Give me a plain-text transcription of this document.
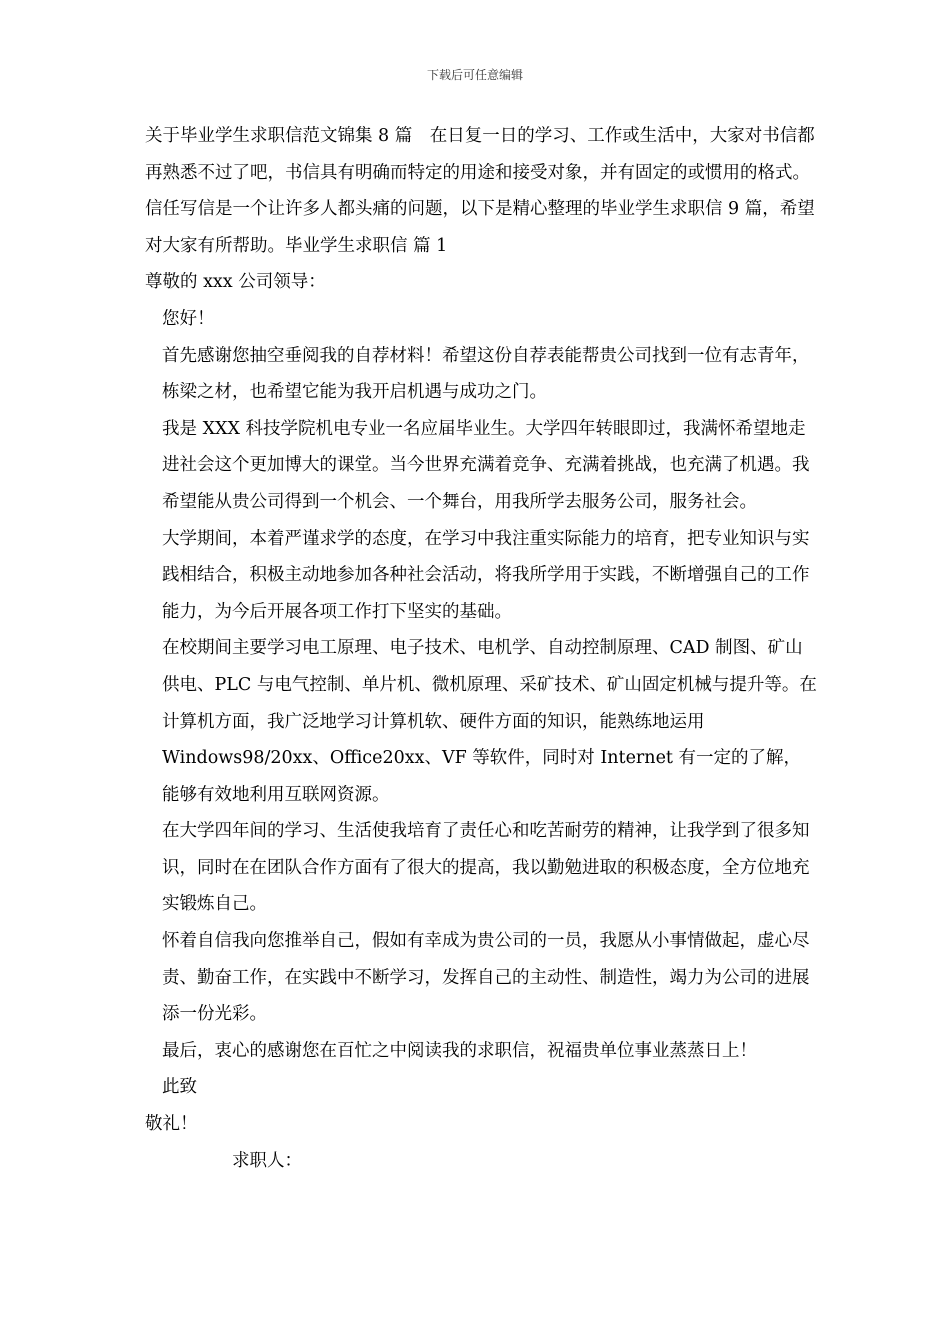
下载后可任意编辑

关于毕业学生求职信范文锦集 8 篇　在日复一日的学习、工作或生活中，大家对书信都再熟悉不过了吧，书信具有明确而特定的用途和接受对象，并有固定的或惯用的格式。信任写信是一个让许多人都头痛的问题，以下是精心整理的毕业学生求职信 9 篇，希望对大家有所帮助。毕业学生求职信 篇 1

尊敬的 xxx 公司领导：

您好！

首先感谢您抽空垂阅我的自荐材料！希望这份自荐表能帮贵公司找到一位有志青年，栋梁之材，也希望它能为我开启机遇与成功之门。

我是 XXX 科技学院机电专业一名应届毕业生。大学四年转眼即过，我满怀希望地走进社会这个更加博大的课堂。当今世界充满着竞争、充满着挑战，也充满了机遇。我希望能从贵公司得到一个机会、一个舞台，用我所学去服务公司，服务社会。

大学期间，本着严谨求学的态度，在学习中我注重实际能力的培育，把专业知识与实践相结合，积极主动地参加各种社会活动，将我所学用于实践，不断增强自己的工作能力，为今后开展各项工作打下坚实的基础。

在校期间主要学习电工原理、电子技术、电机学、自动控制原理、CAD 制图、矿山供电、PLC 与电气控制、单片机、微机原理、采矿技术、矿山固定机械与提升等。在计算机方面，我广泛地学习计算机软、硬件方面的知识，能熟练地运用 Windows98/20xx、Office20xx、VF 等软件，同时对 Internet 有一定的了解，能够有效地利用互联网资源。

在大学四年间的学习、生活使我培育了责任心和吃苦耐劳的精神，让我学到了很多知识，同时在在团队合作方面有了很大的提高，我以勤勉进取的积极态度，全方位地充实锻炼自己。

怀着自信我向您推举自己，假如有幸成为贵公司的一员，我愿从小事情做起，虚心尽责、勤奋工作，在实践中不断学习，发挥自己的主动性、制造性，竭力为公司的进展添一份光彩。

最后，衷心的感谢您在百忙之中阅读我的求职信，祝福贵单位事业蒸蒸日上！

此致

敬礼！

求职人：
